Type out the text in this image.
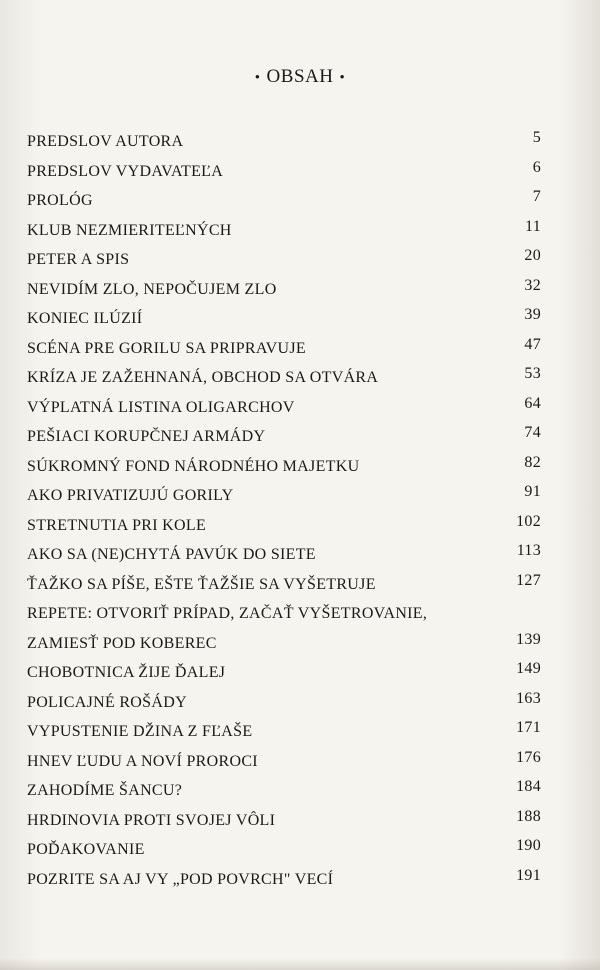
• OBSAH •
PREDSLOV AUTORA	5
PREDSLOV VYDAVATEĽA	6
PROLÓG	7
KLUB NEZMIERITEĽNÝCH	11
PETER A SPIS	20
NEVIDÍM ZLO, NEPOČUJEM ZLO	32
KONIEC ILÚZIÍ	39
SCÉNA PRE GORILU SA PRIPRAVUJE	47
KRÍZA JE ZAŽEHNANÁ, OBCHOD SA OTVÁRA	53
VÝPLATNÁ LISTINA OLIGARCHOV	64
PEŠIACI KORUPČNEJ ARMÁDY	74
SÚKROMNÝ FOND NÁRODNÉHO MAJETKU	82
AKO PRIVATIZUJÚ GORILY	91
STRETNUTIA PRI KOLE	102
AKO SA (NE)CHYTÁ PAVÚK DO SIETE	113
ŤAŽKO SA PÍŠE, EŠTE ŤAŽŠIE SA VYŠETRUJE	127
REPETE: OTVORIŤ PRÍPAD, ZAČAŤ VYŠETROVANIE,
ZAMIESŤ POD KOBEREC	139
CHOBOTNICA ŽIJE ĎALEJ	149
POLICAJNÉ ROŠÁDY	163
VYPUSTENIE DŽINA Z FĽAŠE	171
HNEV ĽUDU A NOVÍ PROROCI	176
ZAHODÍME ŠANCU?	184
HRDINOVIA PROTI SVOJEJ VÔLI	188
POĎAKOVANIE	190
POZRITE SA AJ VY „POD POVRCH" VECÍ	191
